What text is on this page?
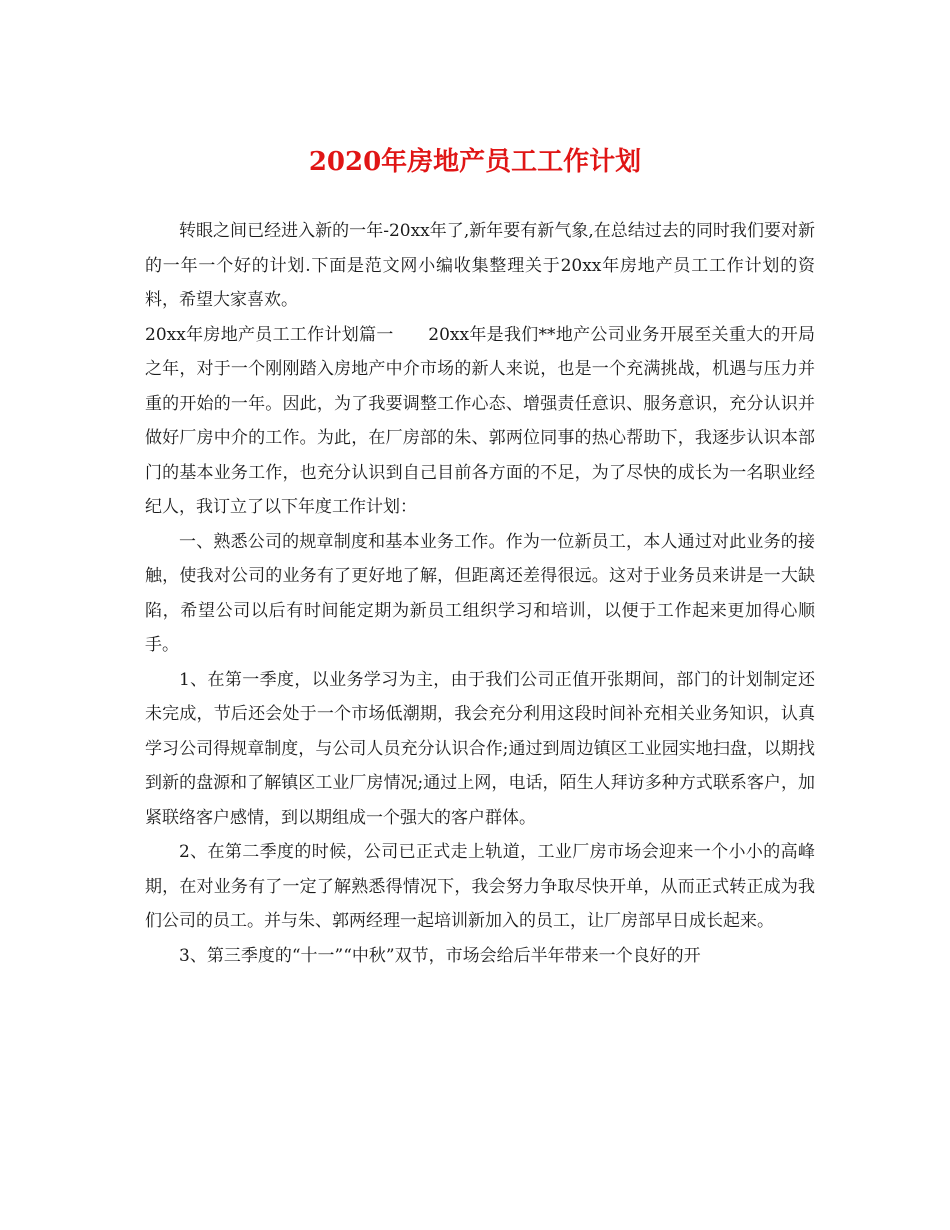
2020年房地产员工工作计划

转眼之间已经进入新的一年-20xx年了,新年要有新气象,在总结过去的同时我们要对新的一年一个好的计划.下面是范文网小编收集整理关于20xx年房地产员工工作计划的资料，希望大家喜欢。

20xx年房地产员工工作计划篇一　　20xx年是我们**地产公司业务开展至关重大的开局之年，对于一个刚刚踏入房地产中介市场的新人来说，也是一个充满挑战，机遇与压力并重的开始的一年。因此，为了我要调整工作心态、增强责任意识、服务意识，充分认识并做好厂房中介的工作。为此，在厂房部的朱、郭两位同事的热心帮助下，我逐步认识本部门的基本业务工作，也充分认识到自己目前各方面的不足，为了尽快的成长为一名职业经纪人，我订立了以下年度工作计划：

一、熟悉公司的规章制度和基本业务工作。作为一位新员工，本人通过对此业务的接触，使我对公司的业务有了更好地了解，但距离还差得很远。这对于业务员来讲是一大缺陷，希望公司以后有时间能定期为新员工组织学习和培训，以便于工作起来更加得心顺手。

1、在第一季度，以业务学习为主，由于我们公司正值开张期间，部门的计划制定还未完成，节后还会处于一个市场低潮期，我会充分利用这段时间补充相关业务知识，认真学习公司得规章制度，与公司人员充分认识合作;通过到周边镇区工业园实地扫盘，以期找到新的盘源和了解镇区工业厂房情况;通过上网，电话，陌生人拜访多种方式联系客户，加紧联络客户感情，到以期组成一个强大的客户群体。

2、在第二季度的时候，公司已正式走上轨道，工业厂房市场会迎来一个小小的高峰期，在对业务有了一定了解熟悉得情况下，我会努力争取尽快开单，从而正式转正成为我们公司的员工。并与朱、郭两经理一起培训新加入的员工，让厂房部早日成长起来。

3、第三季度的“十一”“中秋”双节，市场会给后半年带来一个良好的开
